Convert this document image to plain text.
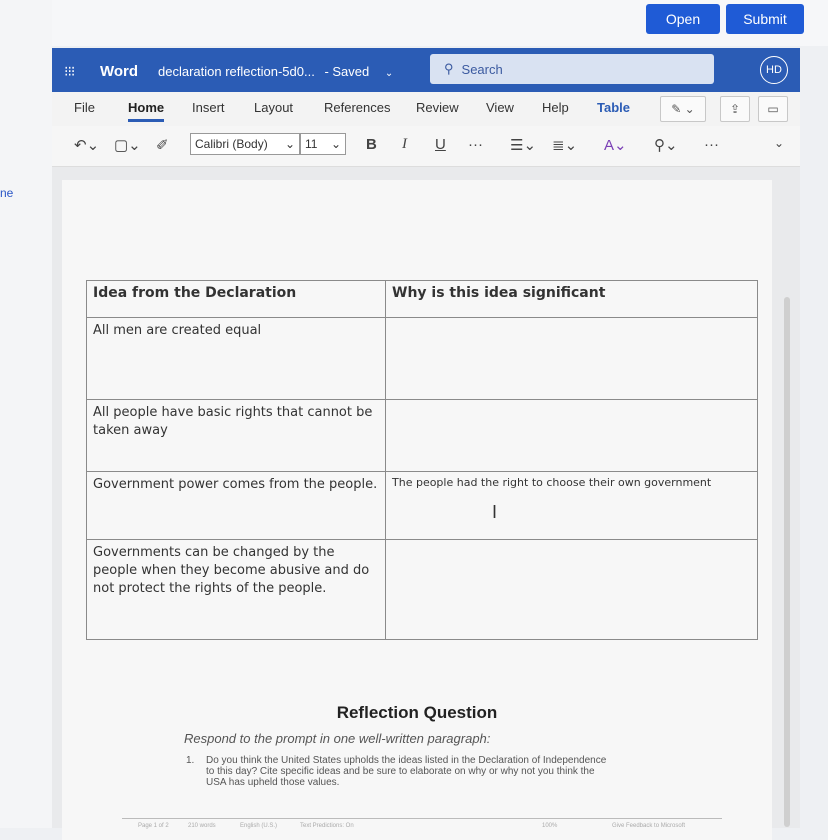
ne
Open	Submit
⁝⁝⁝ Word declaration reflection-5d0... - Saved ⌄	⚲ Search	HD
File	Home Insert Layout References Review View Help Table	✎ ⌄	⇪ ▭
↶⌄ ▢⌄ ✐ Calibri (Body) ⌄ 11 ⌄ B I U ··· ☰⌄ ≣⌄ A⌄ ⚲⌄ ···	⌄
Idea from the Declaration	Why is this idea significant
All men are created equal	
All people have basic rights that cannot be taken away	
Government power comes from the people.	The people had the right to choose their own government
Governments can be changed by the people when they become abusive and do not protect the rights of the people.	
I
Reflection Question
Respond to the prompt in one well-written paragraph:
1. Do you think the United States upholds the ideas listed in the Declaration of Independence to this day? Cite specific ideas and be sure to elaborate on why or why not you think the USA has upheld those values.
Page 1 of 2	210 words	English (U.S.)	Text Predictions: On	100%	Give Feedback to Microsoft
